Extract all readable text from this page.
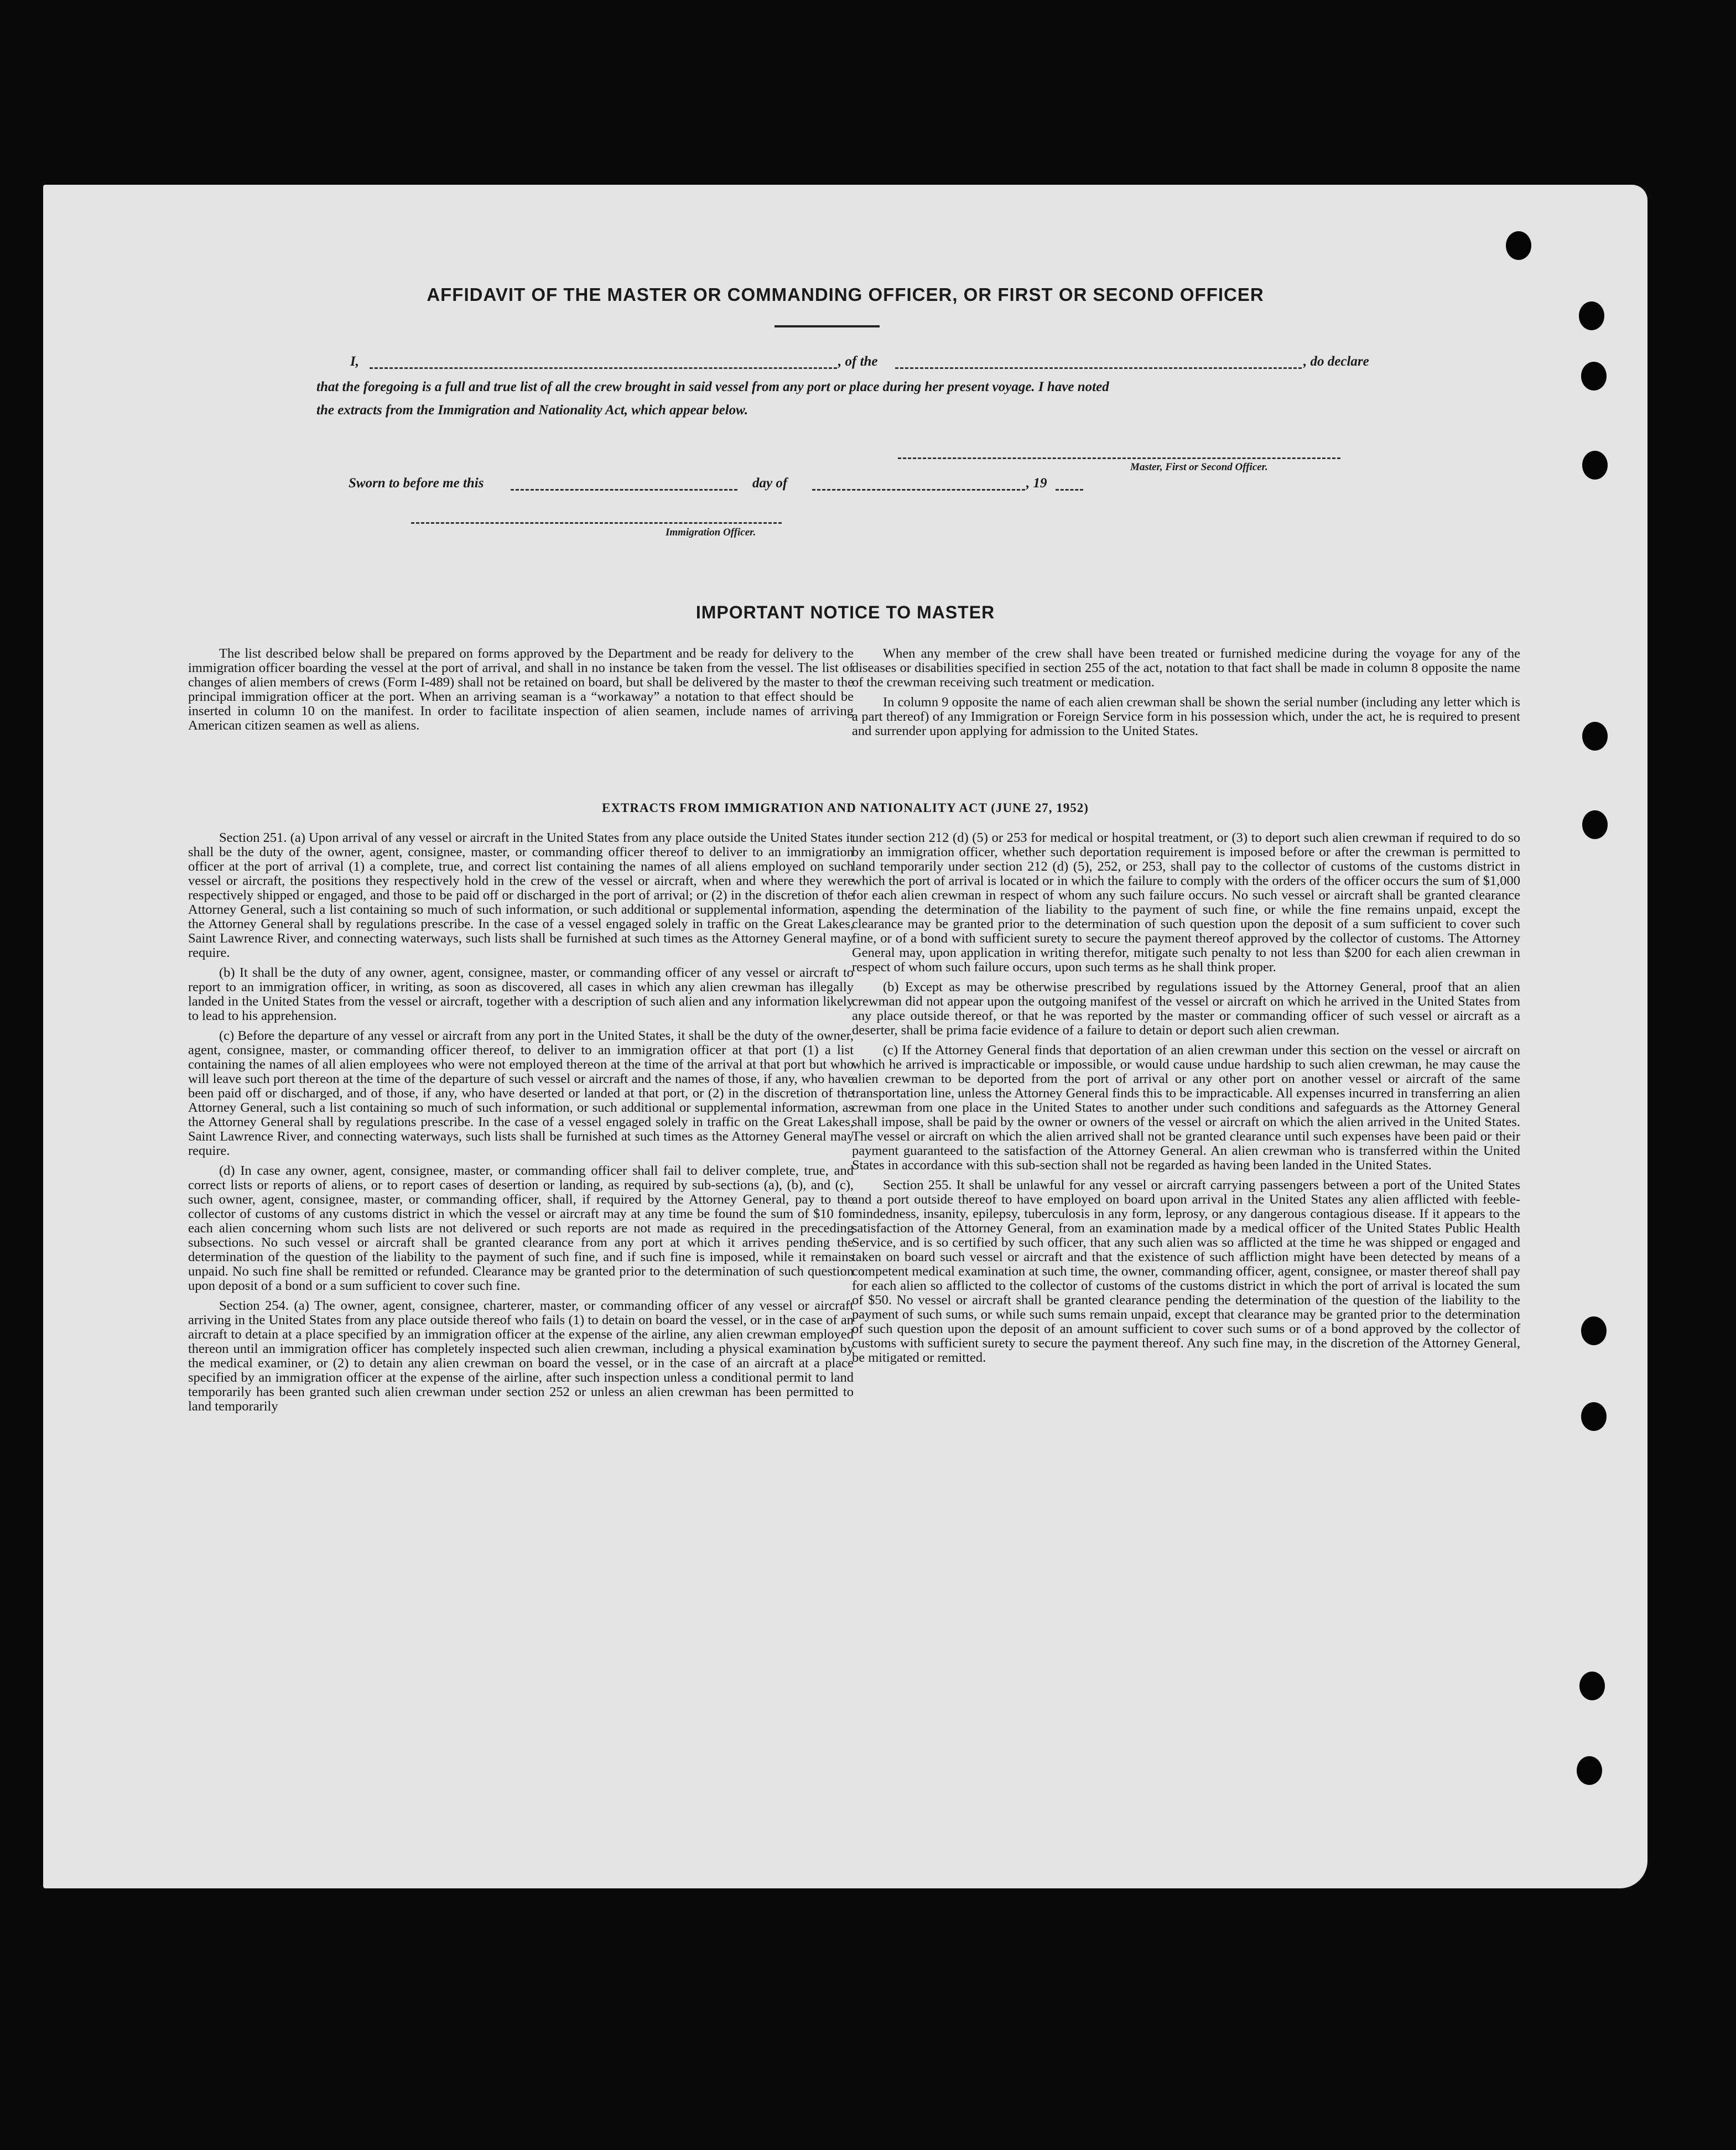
AFFIDAVIT OF THE MASTER OR COMMANDING OFFICER, OR FIRST OR SECOND OFFICER
I,	, of the	, do declare
that the foregoing is a full and true list of all the crew brought in said vessel from any port or place during her present voyage. I have noted
the extracts from the Immigration and Nationality Act, which appear below.
Master, First or Second Officer.
Sworn to before me this	day of	, 19
Immigration Officer.
IMPORTANT NOTICE TO MASTER

The list described below shall be prepared on forms approved by the Department and be ready for delivery to the immigration officer boarding the vessel at the port of arrival, and shall in no instance be taken from the vessel. The list of changes of alien members of crews (Form I-489) shall not be retained on board, but shall be delivered by the master to the principal immigration officer at the port. When an arriving seaman is a “workaway” a notation to that effect should be inserted in column 10 on the manifest. In order to facilitate inspection of alien seamen, include names of arriving American citizen seamen as well as aliens.

When any member of the crew shall have been treated or furnished medicine during the voyage for any of the diseases or disabilities specified in section 255 of the act, notation to that fact shall be made in column 8 opposite the name of the crewman receiving such treatment or medication.

In column 9 opposite the name of each alien crewman shall be shown the serial number (including any letter which is a part thereof) of any Immigration or Foreign Service form in his possession which, under the act, he is required to present and surrender upon applying for admission to the United States.

EXTRACTS FROM IMMIGRATION AND NATIONALITY ACT (JUNE 27, 1952)

Section 251. (a) Upon arrival of any vessel or aircraft in the United States from any place outside the United States it shall be the duty of the owner, agent, consignee, master, or commanding officer thereof to deliver to an immigration officer at the port of arrival (1) a complete, true, and correct list containing the names of all aliens employed on such vessel or aircraft, the positions they respectively hold in the crew of the vessel or aircraft, when and where they were respectively shipped or engaged, and those to be paid off or discharged in the port of arrival; or (2) in the discretion of the Attorney General, such a list containing so much of such information, or such additional or supplemental information, as the Attorney General shall by regulations prescribe. In the case of a vessel engaged solely in traffic on the Great Lakes, Saint Lawrence River, and connecting waterways, such lists shall be furnished at such times as the Attorney General may require.

(b) It shall be the duty of any owner, agent, consignee, master, or commanding officer of any vessel or aircraft to report to an immigration officer, in writing, as soon as discovered, all cases in which any alien crewman has illegally landed in the United States from the vessel or aircraft, together with a description of such alien and any information likely to lead to his apprehension.

(c) Before the departure of any vessel or aircraft from any port in the United States, it shall be the duty of the owner, agent, consignee, master, or commanding officer thereof, to deliver to an immigration officer at that port (1) a list containing the names of all alien employees who were not employed thereon at the time of the arrival at that port but who will leave such port thereon at the time of the departure of such vessel or aircraft and the names of those, if any, who have been paid off or discharged, and of those, if any, who have deserted or landed at that port, or (2) in the discretion of the Attorney General, such a list containing so much of such information, or such additional or supplemental information, as the Attorney General shall by regulations prescribe. In the case of a vessel engaged solely in traffic on the Great Lakes, Saint Lawrence River, and connecting waterways, such lists shall be furnished at such times as the Attorney General may require.

(d) In case any owner, agent, consignee, master, or commanding officer shall fail to deliver complete, true, and correct lists or reports of aliens, or to report cases of desertion or landing, as required by sub-sections (a), (b), and (c), such owner, agent, consignee, master, or commanding officer, shall, if required by the Attorney General, pay to the collector of customs of any customs district in which the vessel or aircraft may at any time be found the sum of $10 for each alien concerning whom such lists are not delivered or such reports are not made as required in the preceding subsections. No such vessel or aircraft shall be granted clearance from any port at which it arrives pending the determination of the question of the liability to the payment of such fine, and if such fine is imposed, while it remains unpaid. No such fine shall be remitted or refunded. Clearance may be granted prior to the determination of such question upon deposit of a bond or a sum sufficient to cover such fine.

Section 254. (a) The owner, agent, consignee, charterer, master, or commanding officer of any vessel or aircraft arriving in the United States from any place outside thereof who fails (1) to detain on board the vessel, or in the case of an aircraft to detain at a place specified by an immigration officer at the expense of the airline, any alien crewman employed thereon until an immigration officer has completely inspected such alien crewman, including a physical examination by the medical examiner, or (2) to detain any alien crewman on board the vessel, or in the case of an aircraft at a place specified by an immigration officer at the expense of the airline, after such inspection unless a conditional permit to land temporarily has been granted such alien crewman under section 252 or unless an alien crewman has been permitted to land temporarily

under section 212 (d) (5) or 253 for medical or hospital treatment, or (3) to deport such alien crewman if required to do so by an immigration officer, whether such deportation requirement is imposed before or after the crewman is permitted to land temporarily under section 212 (d) (5), 252, or 253, shall pay to the collector of customs of the customs district in which the port of arrival is located or in which the failure to comply with the orders of the officer occurs the sum of $1,000 for each alien crewman in respect of whom any such failure occurs. No such vessel or aircraft shall be granted clearance pending the determination of the liability to the payment of such fine, or while the fine remains unpaid, except the clearance may be granted prior to the determination of such question upon the deposit of a sum sufficient to cover such fine, or of a bond with sufficient surety to secure the payment thereof approved by the collector of customs. The Attorney General may, upon application in writing therefor, mitigate such penalty to not less than $200 for each alien crewman in respect of whom such failure occurs, upon such terms as he shall think proper.

(b) Except as may be otherwise prescribed by regulations issued by the Attorney General, proof that an alien crewman did not appear upon the outgoing manifest of the vessel or aircraft on which he arrived in the United States from any place outside thereof, or that he was reported by the master or commanding officer of such vessel or aircraft as a deserter, shall be prima facie evidence of a failure to detain or deport such alien crewman.

(c) If the Attorney General finds that deportation of an alien crewman under this section on the vessel or aircraft on which he arrived is impracticable or impossible, or would cause undue hardship to such alien crewman, he may cause the alien crewman to be deported from the port of arrival or any other port on another vessel or aircraft of the same transportation line, unless the Attorney General finds this to be impracticable. All expenses incurred in transferring an alien crewman from one place in the United States to another under such conditions and safeguards as the Attorney General shall impose, shall be paid by the owner or owners of the vessel or aircraft on which the alien arrived in the United States. The vessel or aircraft on which the alien arrived shall not be granted clearance until such expenses have been paid or their payment guaranteed to the satisfaction of the Attorney General. An alien crewman who is transferred within the United States in accordance with this sub-section shall not be regarded as having been landed in the United States.

Section 255. It shall be unlawful for any vessel or aircraft carrying passengers between a port of the United States and a port outside thereof to have employed on board upon arrival in the United States any alien afflicted with feeble-mindedness, insanity, epilepsy, tuberculosis in any form, leprosy, or any dangerous contagious disease. If it appears to the satisfaction of the Attorney General, from an examination made by a medical officer of the United States Public Health Service, and is so certified by such officer, that any such alien was so afflicted at the time he was shipped or engaged and taken on board such vessel or aircraft and that the existence of such affliction might have been detected by means of a competent medical examination at such time, the owner, commanding officer, agent, consignee, or master thereof shall pay for each alien so afflicted to the collector of customs of the customs district in which the port of arrival is located the sum of $50. No vessel or aircraft shall be granted clearance pending the determination of the question of the liability to the payment of such sums, or while such sums remain unpaid, except that clearance may be granted prior to the determination of such question upon the deposit of an amount sufficient to cover such sums or of a bond approved by the collector of customs with sufficient surety to secure the payment thereof. Any such fine may, in the discretion of the Attorney General, be mitigated or remitted.
